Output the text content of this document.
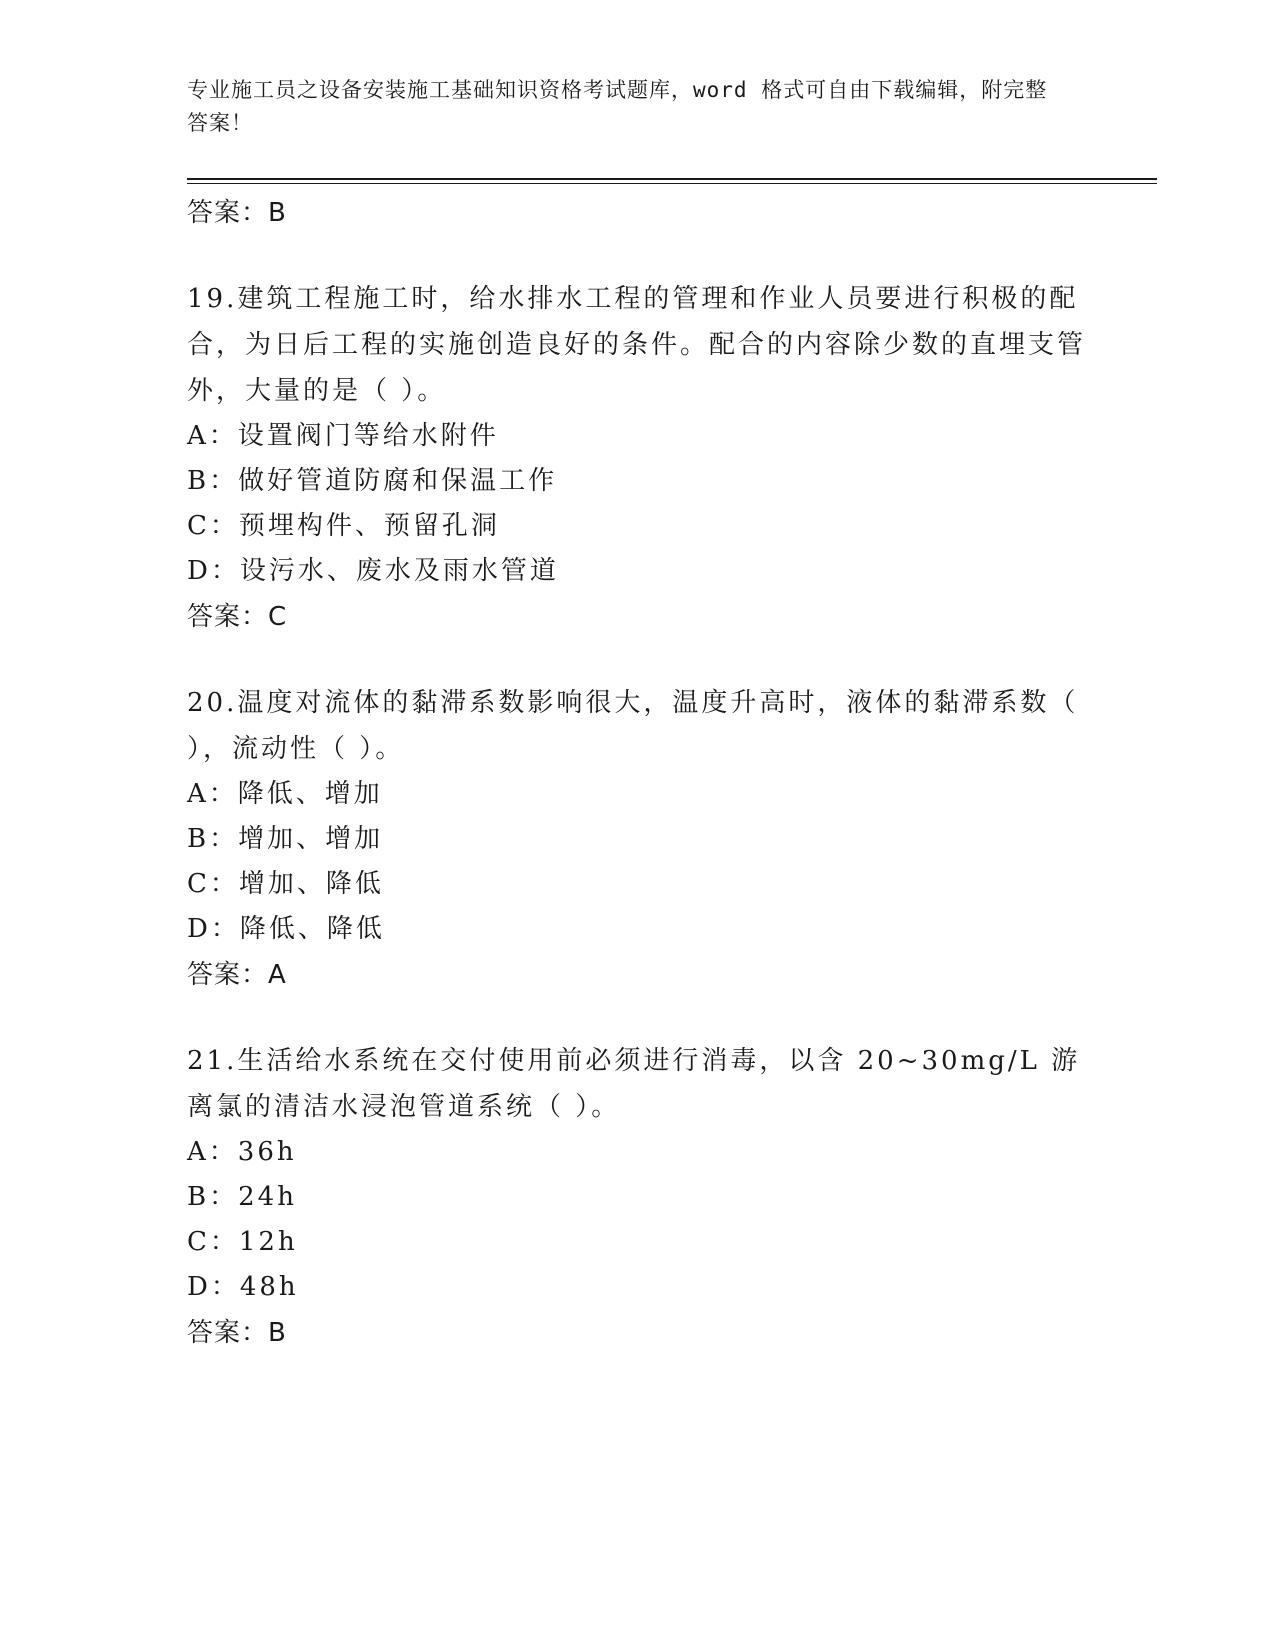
专业施工员之设备安装施工基础知识资格考试题库，word 格式可自由下载编辑，附完整答案！
答案：B
19.建筑工程施工时，给水排水工程的管理和作业人员要进行积极的配合，为日后工程的实施创造良好的条件。配合的内容除少数的直埋支管外，大量的是（ ）。
A：设置阀门等给水附件
B：做好管道防腐和保温工作
C：预埋构件、预留孔洞
D：设污水、废水及雨水管道
答案：C
20.温度对流体的黏滞系数影响很大，温度升高时，液体的黏滞系数（ ），流动性（ ）。
A：降低、增加
B：增加、增加
C：增加、降低
D：降低、降低
答案：A
21.生活给水系统在交付使用前必须进行消毒，以含 20~30mg/L 游离氯的清洁水浸泡管道系统（ ）。
A：36h
B：24h
C：12h
D：48h
答案：B
